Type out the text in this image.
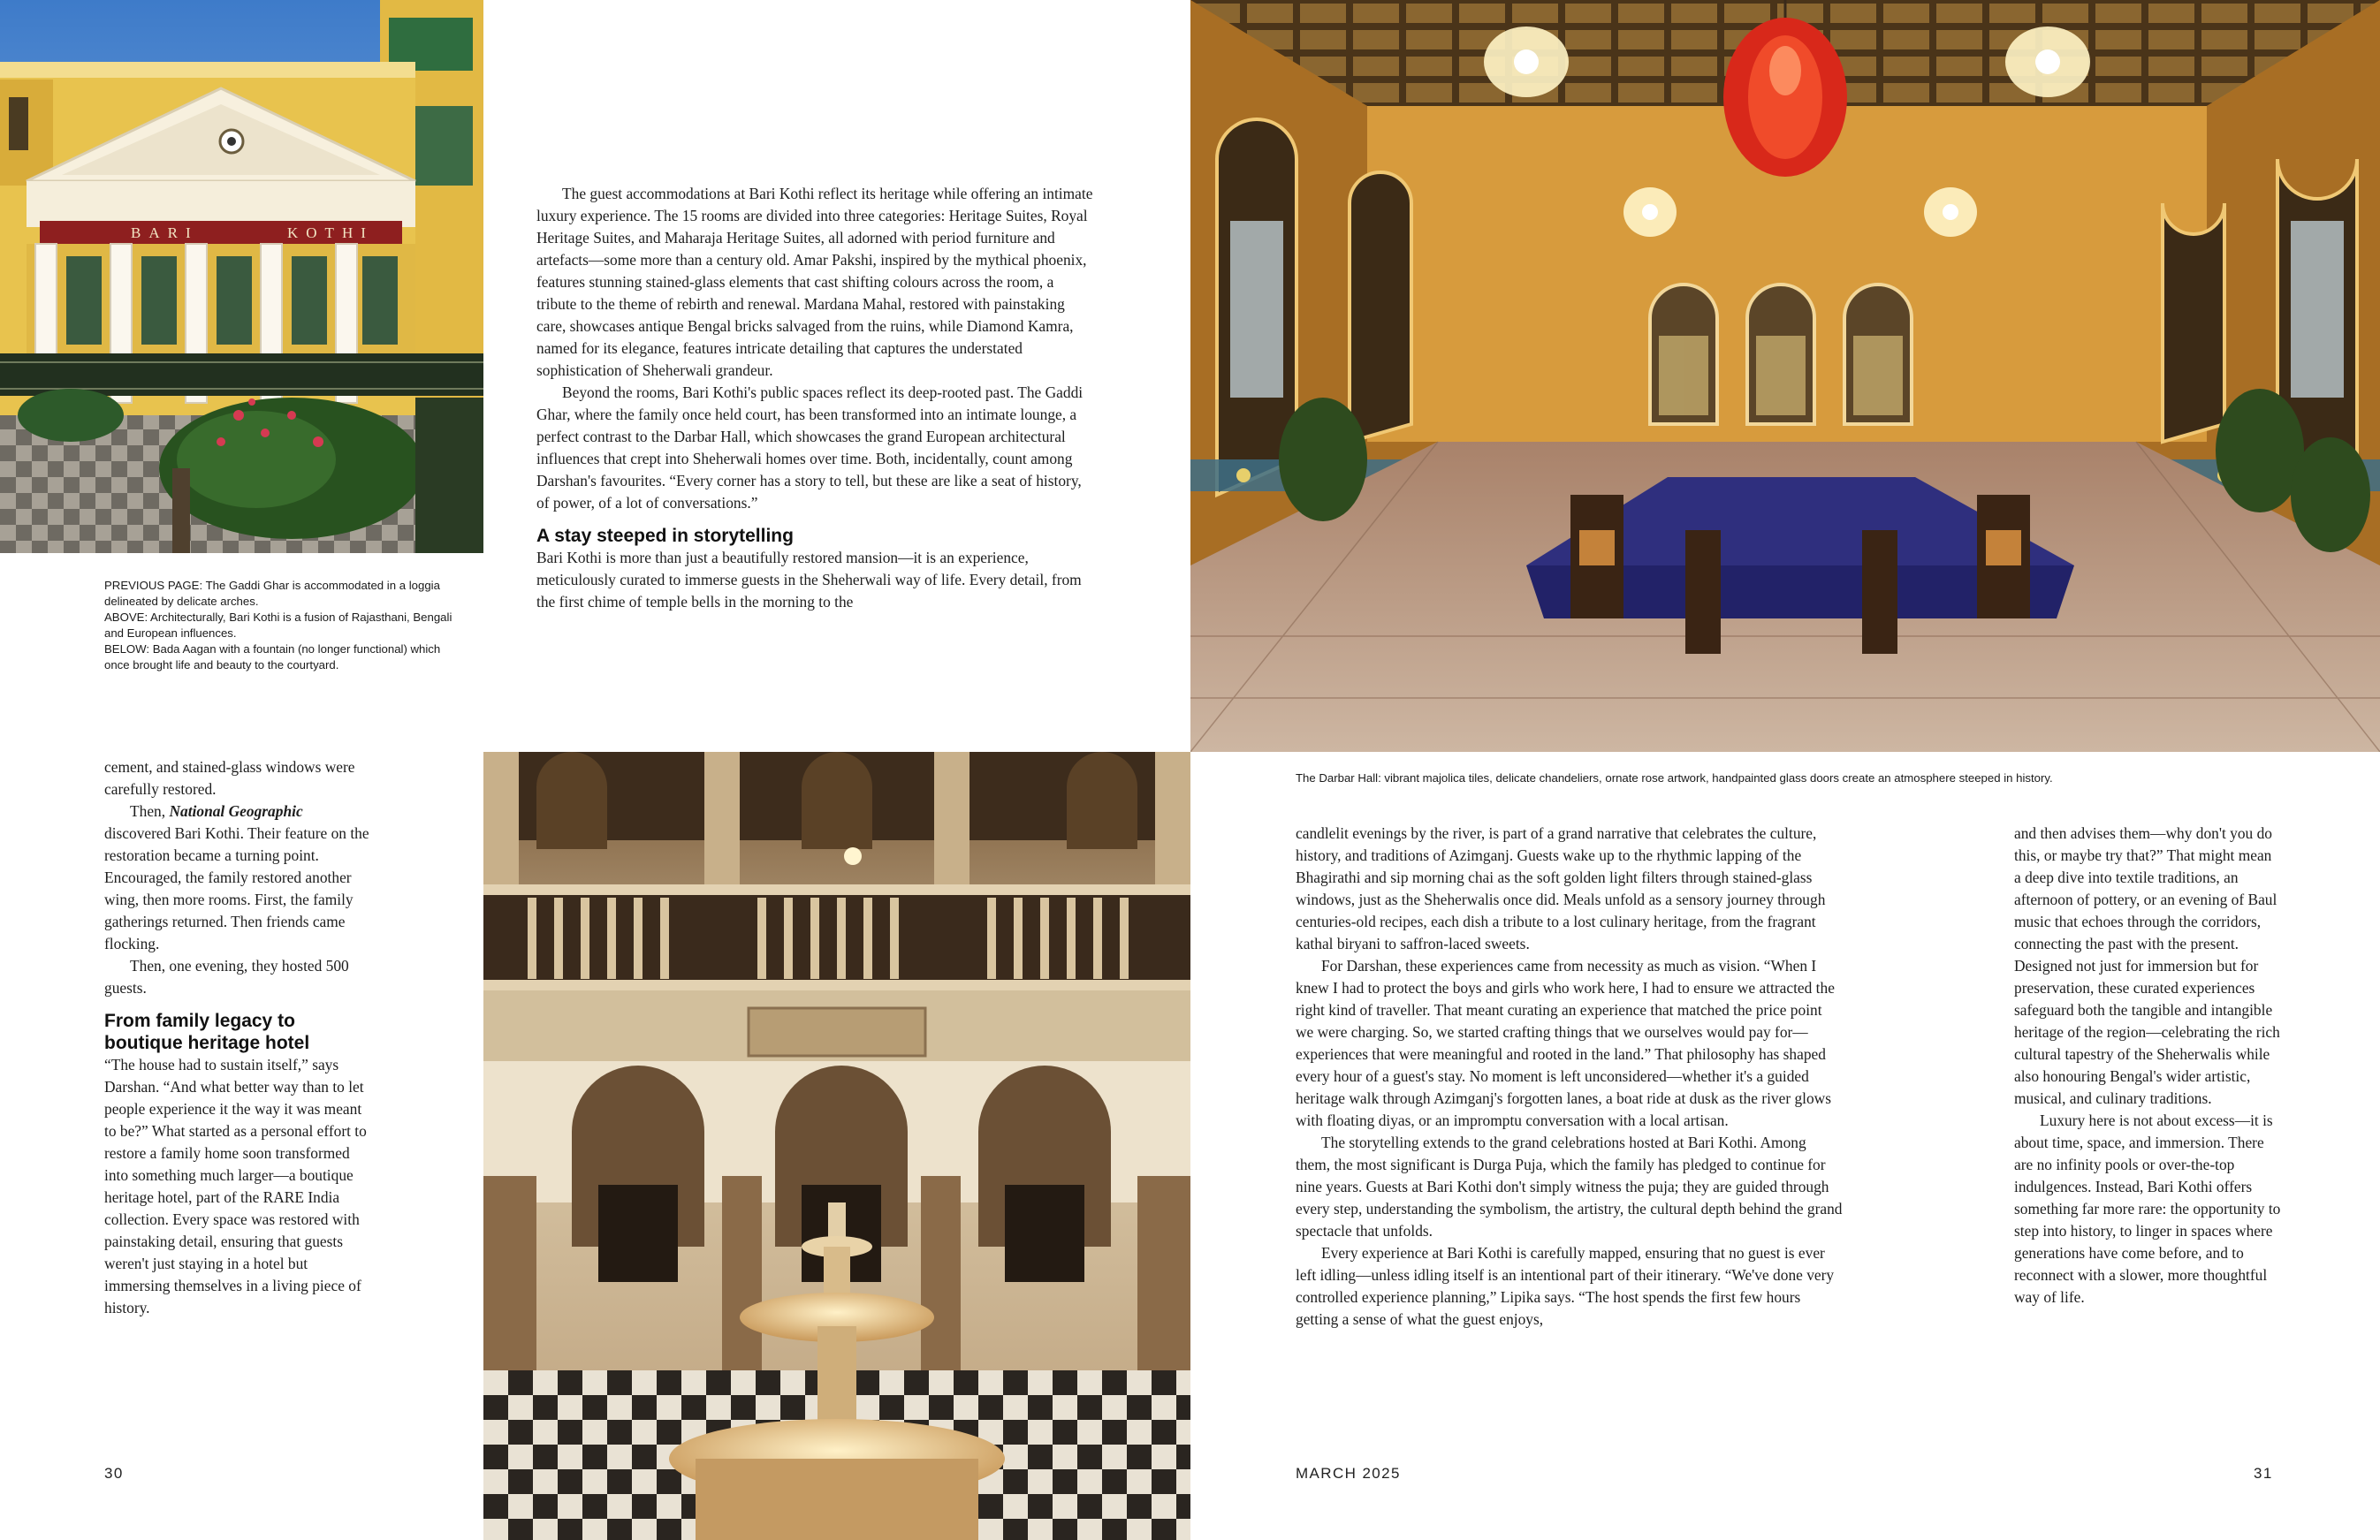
BARI	KOTHI

PREVIOUS PAGE: The Gaddi Ghar is accommodated in a loggia delineated by delicate arches.

ABOVE: Architecturally, Bari Kothi is a fusion of Rajasthani, Bengali and European influences.

BELOW: Bada Aagan with a fountain (no longer functional) which once brought life and beauty to the courtyard.

The guest accommodations at Bari Kothi reflect its heritage while offering an intimate luxury experience. The 15 rooms are divided into three categories: Heritage Suites, Royal Heritage Suites, and Maharaja Heritage Suites, all adorned with period furniture and artefacts—some more than a century old. Amar Pakshi, inspired by the mythical phoenix, features stunning stained-glass elements that cast shifting colours across the room, a tribute to the theme of rebirth and renewal. Mardana Mahal, restored with painstaking care, showcases antique Bengal bricks salvaged from the ruins, while Diamond Kamra, named for its elegance, features intricate detailing that captures the understated sophistication of Sheherwali grandeur.

Beyond the rooms, Bari Kothi's public spaces reflect its deep-rooted past. The Gaddi Ghar, where the family once held court, has been transformed into an intimate lounge, a perfect contrast to the Darbar Hall, which showcases the grand European architectural influences that crept into Sheherwali homes over time. Both, incidentally, count among Darshan's favourites. “Every corner has a story to tell, but these are like a seat of history, of power, of a lot of conversations.”

A stay steeped in storytelling

Bari Kothi is more than just a beautifully restored mansion—it is an experience, meticulously curated to immerse guests in the Sheherwali way of life. Every detail, from the first chime of temple bells in the morning to the

cement, and stained-glass windows were carefully restored.

Then, National Geographic discovered Bari Kothi. Their feature on the restoration became a turning point. Encouraged, the family restored another wing, then more rooms. First, the family gatherings returned. Then friends came flocking.

Then, one evening, they hosted 500 guests.

From family legacy to boutique heritage hotel

“The house had to sustain itself,” says Darshan. “And what better way than to let people experience it the way it was meant to be?” What started as a personal effort to restore a family home soon transformed into something much larger—a boutique heritage hotel, part of the RARE India collection. Every space was restored with painstaking detail, ensuring that guests weren't just staying in a hotel but immersing themselves in a living piece of history.

The Darbar Hall: vibrant majolica tiles, delicate chandeliers, ornate rose artwork, handpainted glass doors create an atmosphere steeped in history.

candlelit evenings by the river, is part of a grand narrative that celebrates the culture, history, and traditions of Azimganj. Guests wake up to the rhythmic lapping of the Bhagirathi and sip morning chai as the soft golden light filters through stained-glass windows, just as the Sheherwalis once did. Meals unfold as a sensory journey through centuries-old recipes, each dish a tribute to a lost culinary heritage, from the fragrant kathal biryani to saffron-laced sweets.

For Darshan, these experiences came from necessity as much as vision. “When I knew I had to protect the boys and girls who work here, I had to ensure we attracted the right kind of traveller. That meant curating an experience that matched the price point we were charging. So, we started crafting things that we ourselves would pay for—experiences that were meaningful and rooted in the land.” That philosophy has shaped every hour of a guest's stay. No moment is left unconsidered—whether it's a guided heritage walk through Azimganj's forgotten lanes, a boat ride at dusk as the river glows with floating diyas, or an impromptu conversation with a local artisan.

The storytelling extends to the grand celebrations hosted at Bari Kothi. Among them, the most significant is Durga Puja, which the family has pledged to continue for nine years. Guests at Bari Kothi don't simply witness the puja; they are guided through every step, understanding the symbolism, the artistry, the cultural depth behind the grand spectacle that unfolds.

Every experience at Bari Kothi is carefully mapped, ensuring that no guest is ever left idling—unless idling itself is an intentional part of their itinerary. “We've done very controlled experience planning,” Lipika says. “The host spends the first few hours getting a sense of what the guest enjoys,

and then advises them—why don't you do this, or maybe try that?” That might mean a deep dive into textile traditions, an afternoon of pottery, or an evening of Baul music that echoes through the corridors, connecting the past with the present. Designed not just for immersion but for preservation, these curated experiences safeguard both the tangible and intangible heritage of the region—celebrating the rich cultural tapestry of the Sheherwalis while also honouring Bengal's wider artistic, musical, and culinary traditions.

Luxury here is not about excess—it is about time, space, and immersion. There are no infinity pools or over-the-top indulgences. Instead, Bari Kothi offers something far more rare: the opportunity to step into history, to linger in spaces where generations have come before, and to reconnect with a slower, more thoughtful way of life.

30	MARCH 2025	31
